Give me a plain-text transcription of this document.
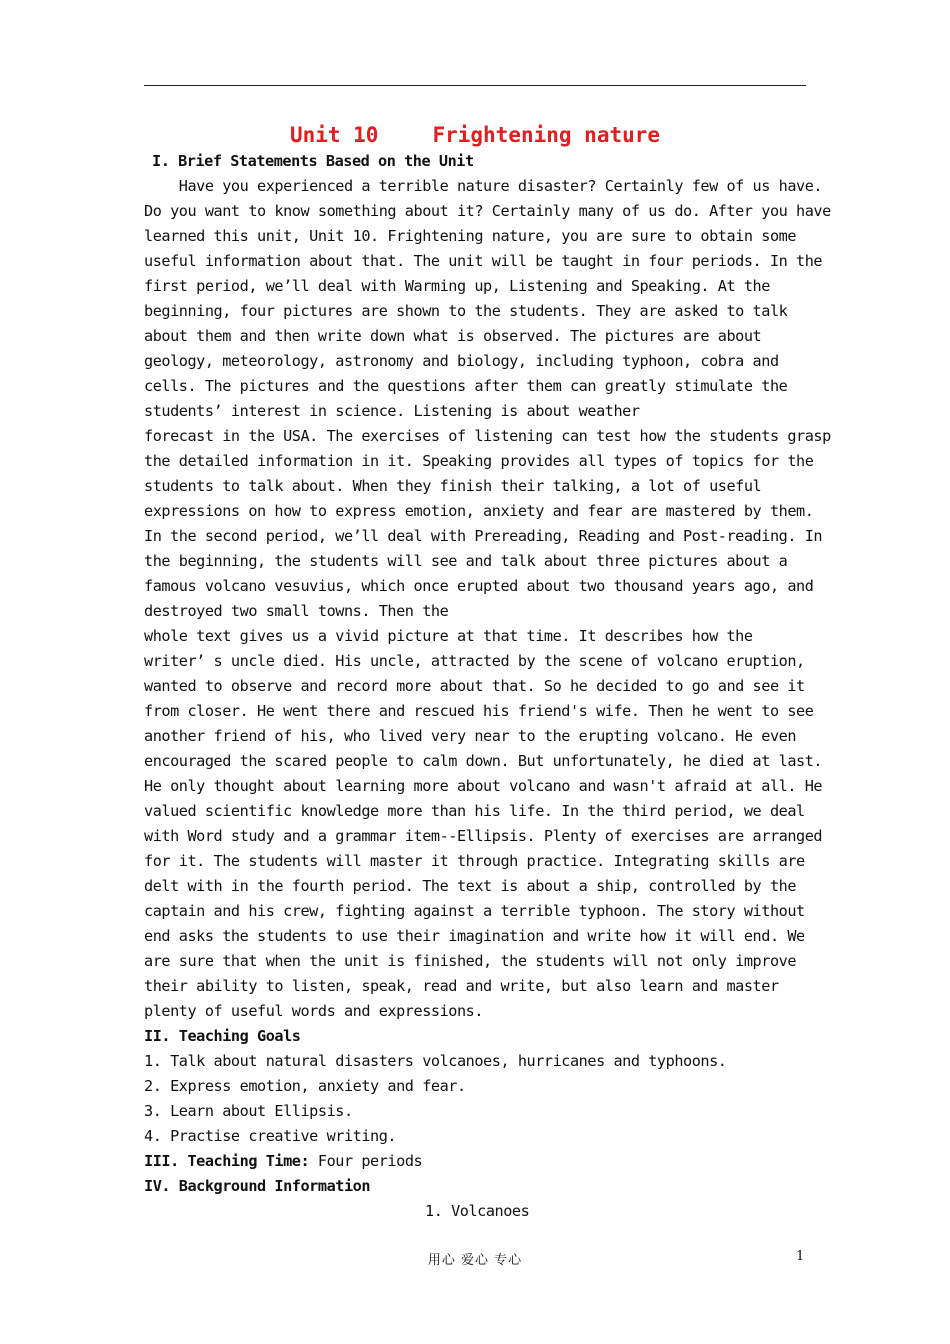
Unit 10	Frightening nature
I. Brief Statements Based on the Unit
Have you experienced a terrible nature disaster? Certainly few of us have.
Do you want to know something about it? Certainly many of us do. After you have
learned this unit, Unit 10. Frightening nature, you are sure to obtain some
useful information about that. The unit will be taught in four periods. In the
first period, we’ll deal with Warming up, Listening and Speaking. At the
beginning, four pictures are shown to the students. They are asked to talk
about them and then write down what is observed. The pictures are about
geology, meteorology, astronomy and biology, including typhoon, cobra and
cells. The pictures and the questions after them can greatly stimulate the
students’ interest in science. Listening is about weather
forecast in the USA. The exercises of listening can test how the students grasp
the detailed information in it. Speaking provides all types of topics for the
students to talk about. When they finish their talking, a lot of useful
expressions on how to express emotion, anxiety and fear are mastered by them.
In the second period, we’ll deal with Prereading, Reading and Post-reading. In
the beginning, the students will see and talk about three pictures about a
famous volcano vesuvius, which once erupted about two thousand years ago, and
destroyed two small towns. Then the
whole text gives us a vivid picture at that time. It describes how the
writer’ s uncle died. His uncle, attracted by the scene of volcano eruption,
wanted to observe and record more about that. So he decided to go and see it
from closer. He went there and rescued his friend's wife. Then he went to see
another friend of his, who lived very near to the erupting volcano. He even
encouraged the scared people to calm down. But unfortunately, he died at last.
He only thought about learning more about volcano and wasn't afraid at all. He
valued scientific knowledge more than his life. In the third period, we deal
with Word study and a grammar item--Ellipsis. Plenty of exercises are arranged
for it. The students will master it through practice. Integrating skills are
delt with in the fourth period. The text is about a ship, controlled by the
captain and his crew, fighting against a terrible typhoon. The story without
end asks the students to use their imagination and write how it will end. We
are sure that when the unit is finished, the students will not only improve
their ability to listen, speak, read and write, but also learn and master
plenty of useful words and expressions.
II. Teaching Goals
1. Talk about natural disasters volcanoes, hurricanes and typhoons.
2. Express emotion, anxiety and fear.
3. Learn about Ellipsis.
4. Practise creative writing.
III. Teaching Time: Four periods
IV. Background Information
1. Volcanoes
用心 爱心 专心	1
